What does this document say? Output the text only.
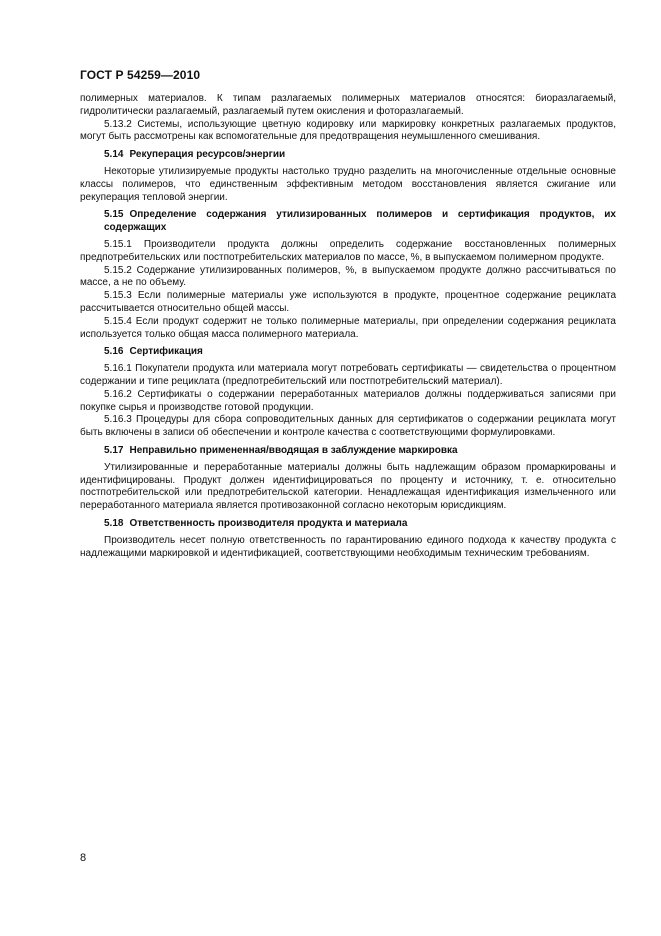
ГОСТ Р 54259—2010

полимерных материалов. К типам разлагаемых полимерных материалов относятся: биоразлагаемый, гидролитически разлагаемый, разлагаемый путем окисления и фоторазлагаемый.

5.13.2 Системы, использующие цветную кодировку или маркировку конкретных разлагаемых продуктов, могут быть рассмотрены как вспомогательные для предотвращения неумышленного смешивания.

5.14 Рекуперация ресурсов/энергии

Некоторые утилизируемые продукты настолько трудно разделить на многочисленные отдельные основные классы полимеров, что единственным эффективным методом восстановления является сжигание или рекуперация тепловой энергии.

5.15 Определение содержания утилизированных полимеров и сертификация продуктов, их содержащих

5.15.1 Производители продукта должны определить содержание восстановленных полимерных предпотребительских или постпотребительских материалов по массе, %, в выпускаемом полимерном продукте.

5.15.2 Содержание утилизированных полимеров, %, в выпускаемом продукте должно рассчитываться по массе, а не по объему.

5.15.3 Если полимерные материалы уже используются в продукте, процентное содержание рециклата рассчитывается относительно общей массы.

5.15.4 Если продукт содержит не только полимерные материалы, при определении содержания рециклата используется только общая масса полимерного материала.

5.16 Сертификация

5.16.1 Покупатели продукта или материала могут потребовать сертификаты — свидетельства о процентном содержании и типе рециклата (предпотребительский или постпотребительский материал).

5.16.2 Сертификаты о содержании переработанных материалов должны поддерживаться записями при покупке сырья и производстве готовой продукции.

5.16.3 Процедуры для сбора сопроводительных данных для сертификатов о содержании рециклата могут быть включены в записи об обеспечении и контроле качества с соответствующими формулировками.

5.17 Неправильно примененная/вводящая в заблуждение маркировка

Утилизированные и переработанные материалы должны быть надлежащим образом промаркированы и идентифицированы. Продукт должен идентифицироваться по проценту и источнику, т. е. относительно постпотребительской или предпотребительской категории. Ненадлежащая идентификация измельченного или переработанного материала является противозаконной согласно некоторым юрисдикциям.

5.18 Ответственность производителя продукта и материала

Производитель несет полную ответственность по гарантированию единого подхода к качеству продукта с надлежащими маркировкой и идентификацией, соответствующими необходимым техническим требованиям.

8
